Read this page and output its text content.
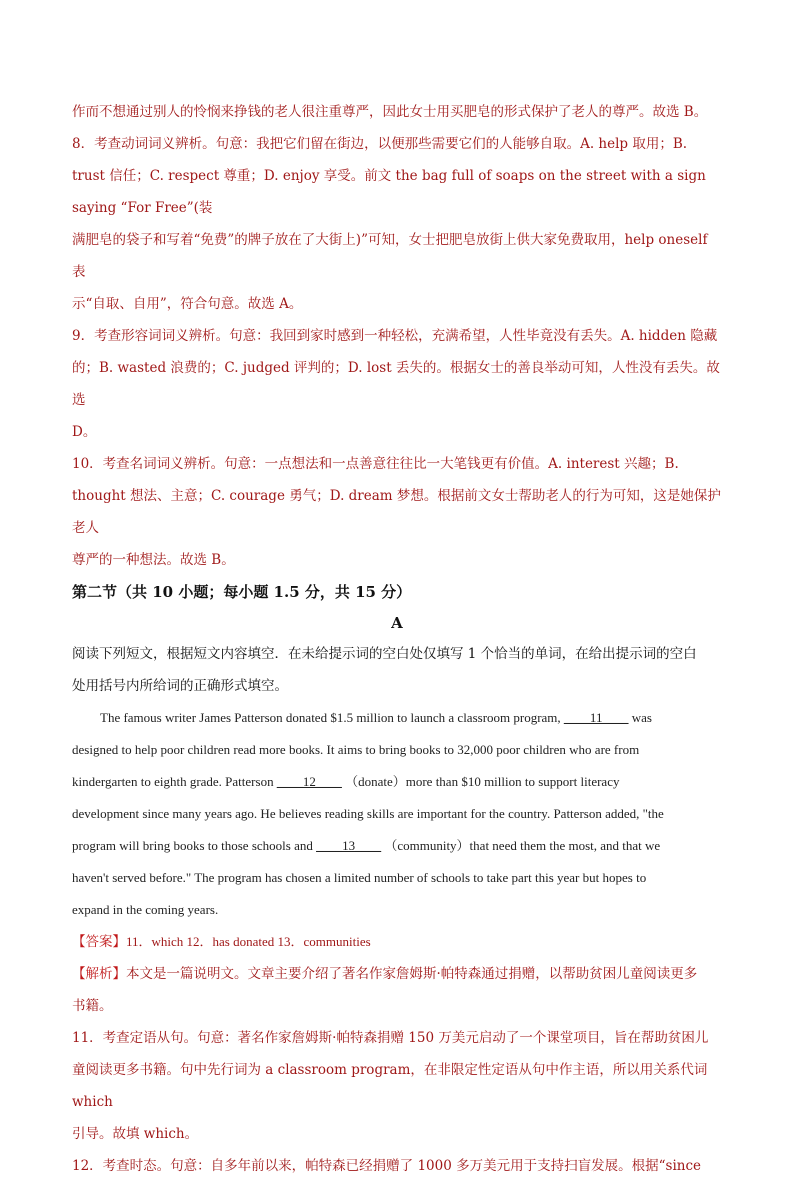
作而不想通过别人的怜悯来挣钱的老人很注重尊严，因此女士用买肥皂的形式保护了老人的尊严。故选 B。

8．考查动词词义辨析。句意：我把它们留在街边，以便那些需要它们的人能够自取。A. help 取用；B.

trust 信任；C. respect 尊重；D. enjoy 享受。前文 the bag full of soaps on the street with a sign saying “For Free”(装

满肥皂的袋子和写着“免费”的牌子放在了大街上)”可知，女士把肥皂放街上供大家免费取用，help oneself 表

示“自取、自用”，符合句意。故选 A。

9．考查形容词词义辨析。句意：我回到家时感到一种轻松，充满希望，人性毕竟没有丢失。A. hidden 隐藏

的；B. wasted 浪费的；C. judged 评判的；D. lost 丢失的。根据女士的善良举动可知，人性没有丢失。故选

D。

10．考查名词词义辨析。句意：一点想法和一点善意往往比一大笔钱更有价值。A. interest 兴趣；B.

thought 想法、主意；C. courage 勇气；D. dream 梦想。根据前文女士帮助老人的行为可知，这是她保护老人

尊严的一种想法。故选 B。

第二节（共 10 小题；每小题 1.5 分，共 15 分）

A

阅读下列短文，根据短文内容填空．在未给提示词的空白处仅填写 1 个恰当的单词，在给出提示词的空白

处用括号内所给词的正确形式填空。

The famous writer James Patterson donated $1.5 million to launch a classroom program, ____11____ was

designed to help poor children read more books. It aims to bring books to 32,000 poor children who are from

kindergarten to eighth grade. Patterson ____12____ （donate）more than $10 million to support literacy

development since many years ago. He believes reading skills are important for the country. Patterson added, "the

program will bring books to those schools and ____13____ （community）that need them the most, and that we

haven't served before." The program has chosen a limited number of schools to take part this year but hopes to

expand in the coming years.

【答案】11．which 12．has donated 13．communities

【解析】本文是一篇说明文。文章主要介绍了著名作家詹姆斯·帕特森通过捐赠，以帮助贫困儿童阅读更多

书籍。

11．考查定语从句。句意：著名作家詹姆斯·帕特森捐赠 150 万美元启动了一个课堂项目，旨在帮助贫困儿

童阅读更多书籍。句中先行词为 a classroom program，在非限定性定语从句中作主语，所以用关系代词 which

引导。故填 which。

12．考查时态。句意：自多年前以来，帕特森已经捐赠了 1000 多万美元用于支持扫盲发展。根据“since
